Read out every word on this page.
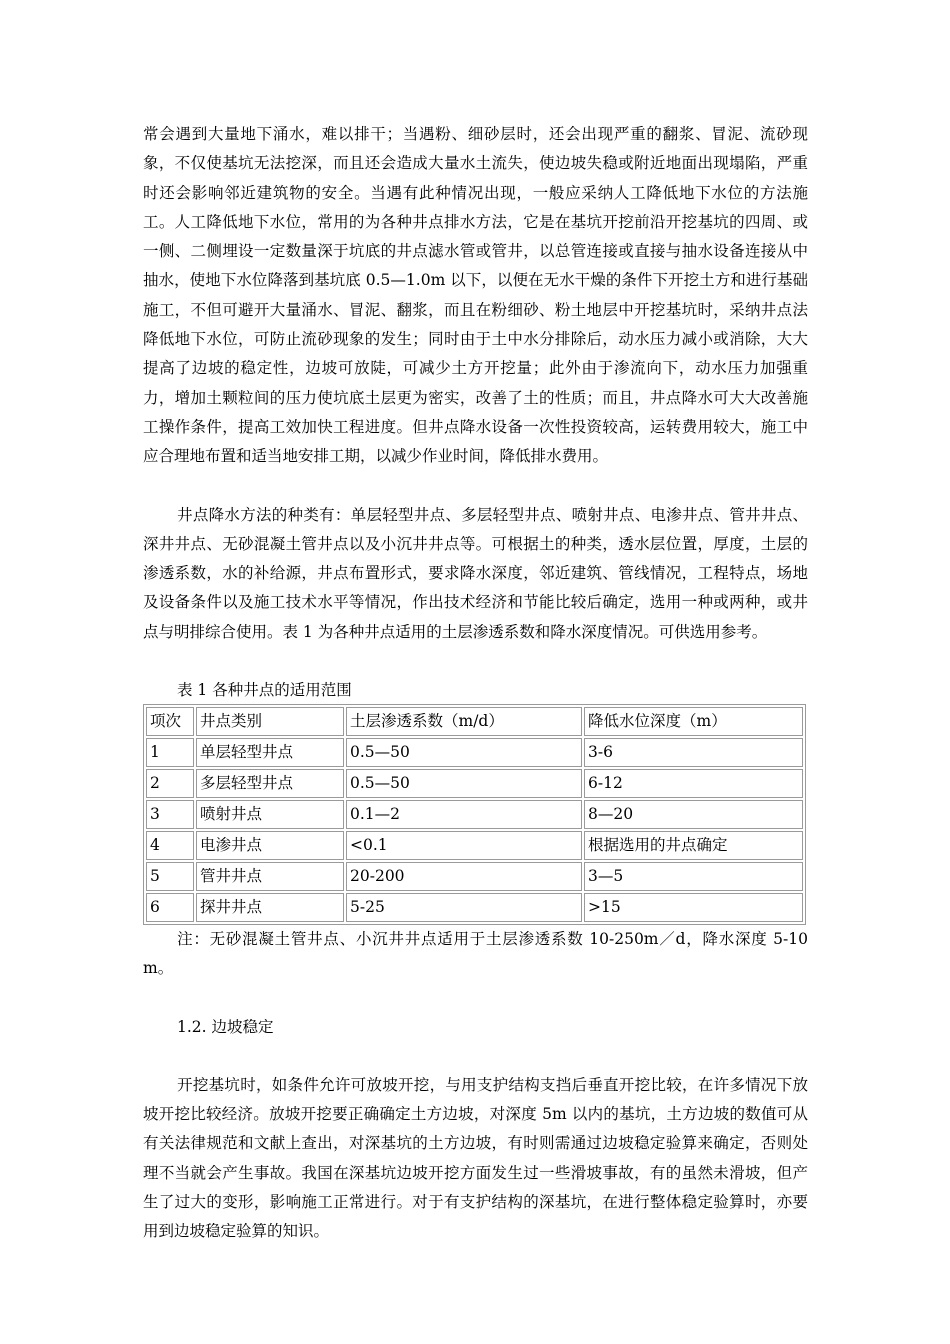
常会遇到大量地下涌水，难以排干；当遇粉、细砂层时，还会出现严重的翻浆、冒泥、流砂现象，不仅使基坑无法挖深，而且还会造成大量水土流失，使边坡失稳或附近地面出现塌陷，严重时还会影响邻近建筑物的安全。当遇有此种情况出现，一般应采纳人工降低地下水位的方法施工。人工降低地下水位，常用的为各种井点排水方法，它是在基坑开挖前沿开挖基坑的四周、或一侧、二侧埋设一定数量深于坑底的井点滤水管或管井，以总管连接或直接与抽水设备连接从中抽水，使地下水位降落到基坑底 0.5—1.0m 以下，以便在无水干燥的条件下开挖土方和进行基础施工，不但可避开大量涌水、冒泥、翻浆，而且在粉细砂、粉土地层中开挖基坑时，采纳井点法降低地下水位，可防止流砂现象的发生；同时由于土中水分排除后，动水压力减小或消除，大大提高了边坡的稳定性，边坡可放陡，可减少土方开挖量；此外由于渗流向下，动水压力加强重力，增加土颗粒间的压力使坑底土层更为密实，改善了土的性质；而且，井点降水可大大改善施工操作条件，提高工效加快工程进度。但井点降水设备一次性投资较高，运转费用较大，施工中应合理地布置和适当地安排工期，以减少作业时间，降低排水费用。

井点降水方法的种类有：单层轻型井点、多层轻型井点、喷射井点、电渗井点、管井井点、深井井点、无砂混凝土管井点以及小沉井井点等。可根据土的种类，透水层位置，厚度，土层的渗透系数，水的补给源，井点布置形式，要求降水深度，邻近建筑、管线情况，工程特点，场地及设备条件以及施工技术水平等情况，作出技术经济和节能比较后确定，选用一种或两种，或井点与明排综合使用。表 1 为各种井点适用的土层渗透系数和降水深度情况。可供选用参考。

表 1 各种井点的适用范围

项次	井点类别	土层渗透系数（m/d）	降低水位深度（m）
1	单层轻型井点	0.5—50	3-6
2	多层轻型井点	0.5—50	6-12
3	喷射井点	0.1—2	8—20
4	电渗井点	<0.1	根据选用的井点确定
5	管井井点	20-200	3—5
6	探井井点	5-25	>15

注：无砂混凝土管井点、小沉井井点适用于土层渗透系数 10-250m／d，降水深度 5-10m。

1.2. 边坡稳定

开挖基坑时，如条件允许可放坡开挖，与用支护结构支挡后垂直开挖比较，在许多情况下放坡开挖比较经济。放坡开挖要正确确定土方边坡，对深度 5m 以内的基坑，土方边坡的数值可从有关法律规范和文献上查出，对深基坑的土方边坡，有时则需通过边坡稳定验算来确定，否则处理不当就会产生事故。我国在深基坑边坡开挖方面发生过一些滑坡事故，有的虽然未滑坡，但产生了过大的变形，影响施工正常进行。对于有支护结构的深基坑，在进行整体稳定验算时，亦要用到边坡稳定验算的知识。
